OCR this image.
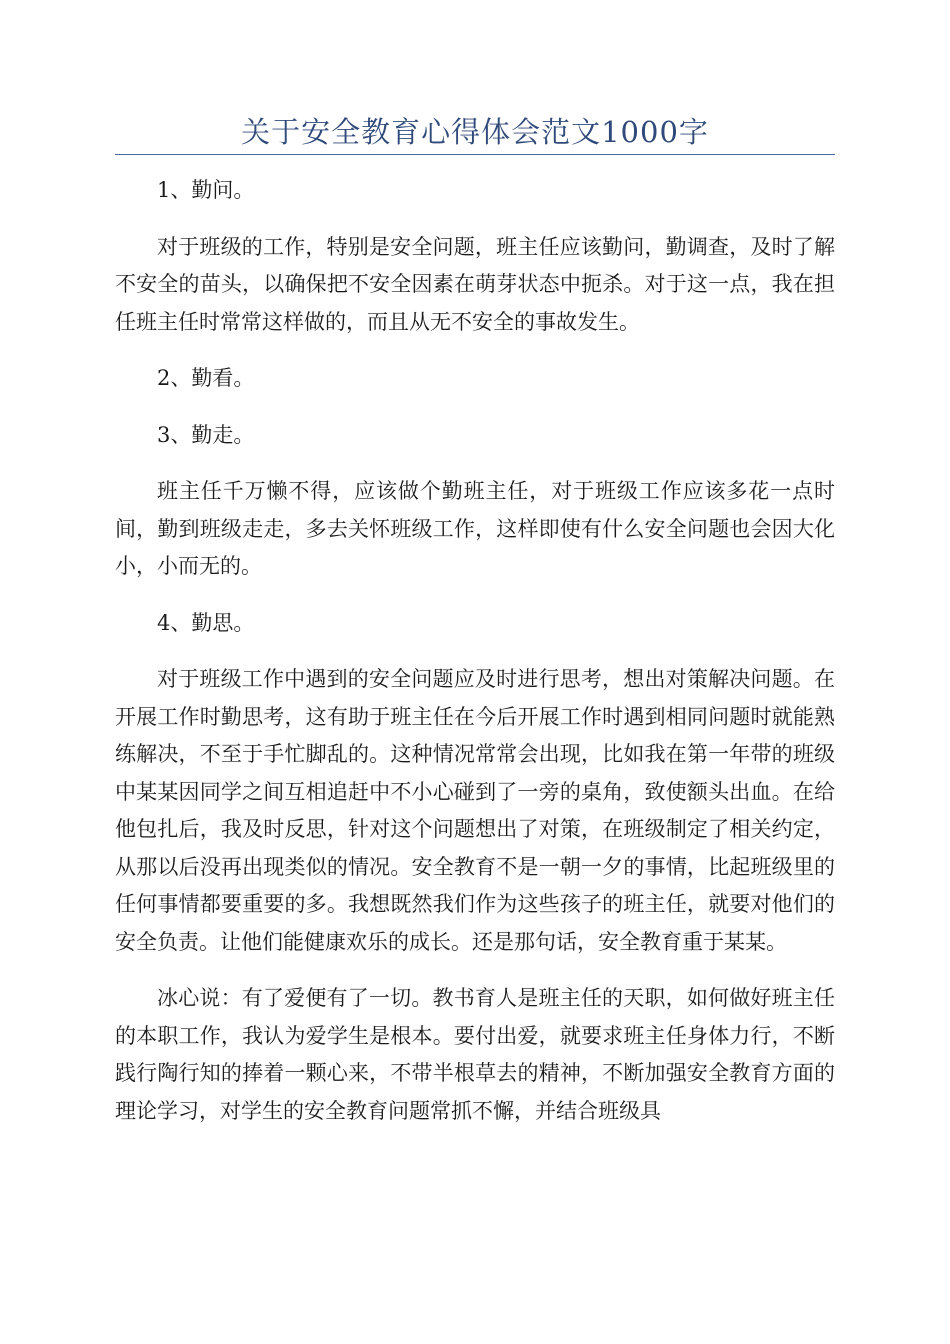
关于安全教育心得体会范文1000字

1、勤问。

对于班级的工作，特别是安全问题，班主任应该勤问，勤调查，及时了解不安全的苗头，以确保把不安全因素在萌芽状态中扼杀。对于这一点，我在担任班主任时常常这样做的，而且从无不安全的事故发生。

2、勤看。

3、勤走。

班主任千万懒不得，应该做个勤班主任，对于班级工作应该多花一点时间，勤到班级走走，多去关怀班级工作，这样即使有什么安全问题也会因大化小，小而无的。

4、勤思。

对于班级工作中遇到的安全问题应及时进行思考，想出对策解决问题。在开展工作时勤思考，这有助于班主任在今后开展工作时遇到相同问题时就能熟练解决，不至于手忙脚乱的。这种情况常常会出现，比如我在第一年带的班级中某某因同学之间互相追赶中不小心碰到了一旁的桌角，致使额头出血。在给他包扎后，我及时反思，针对这个问题想出了对策，在班级制定了相关约定，从那以后没再出现类似的情况。安全教育不是一朝一夕的事情，比起班级里的任何事情都要重要的多。我想既然我们作为这些孩子的班主任，就要对他们的安全负责。让他们能健康欢乐的成长。还是那句话，安全教育重于某某。

冰心说：有了爱便有了一切。教书育人是班主任的天职，如何做好班主任的本职工作，我认为爱学生是根本。要付出爱，就要求班主任身体力行，不断践行陶行知的捧着一颗心来，不带半根草去的精神，不断加强安全教育方面的理论学习，对学生的安全教育问题常抓不懈，并结合班级具
